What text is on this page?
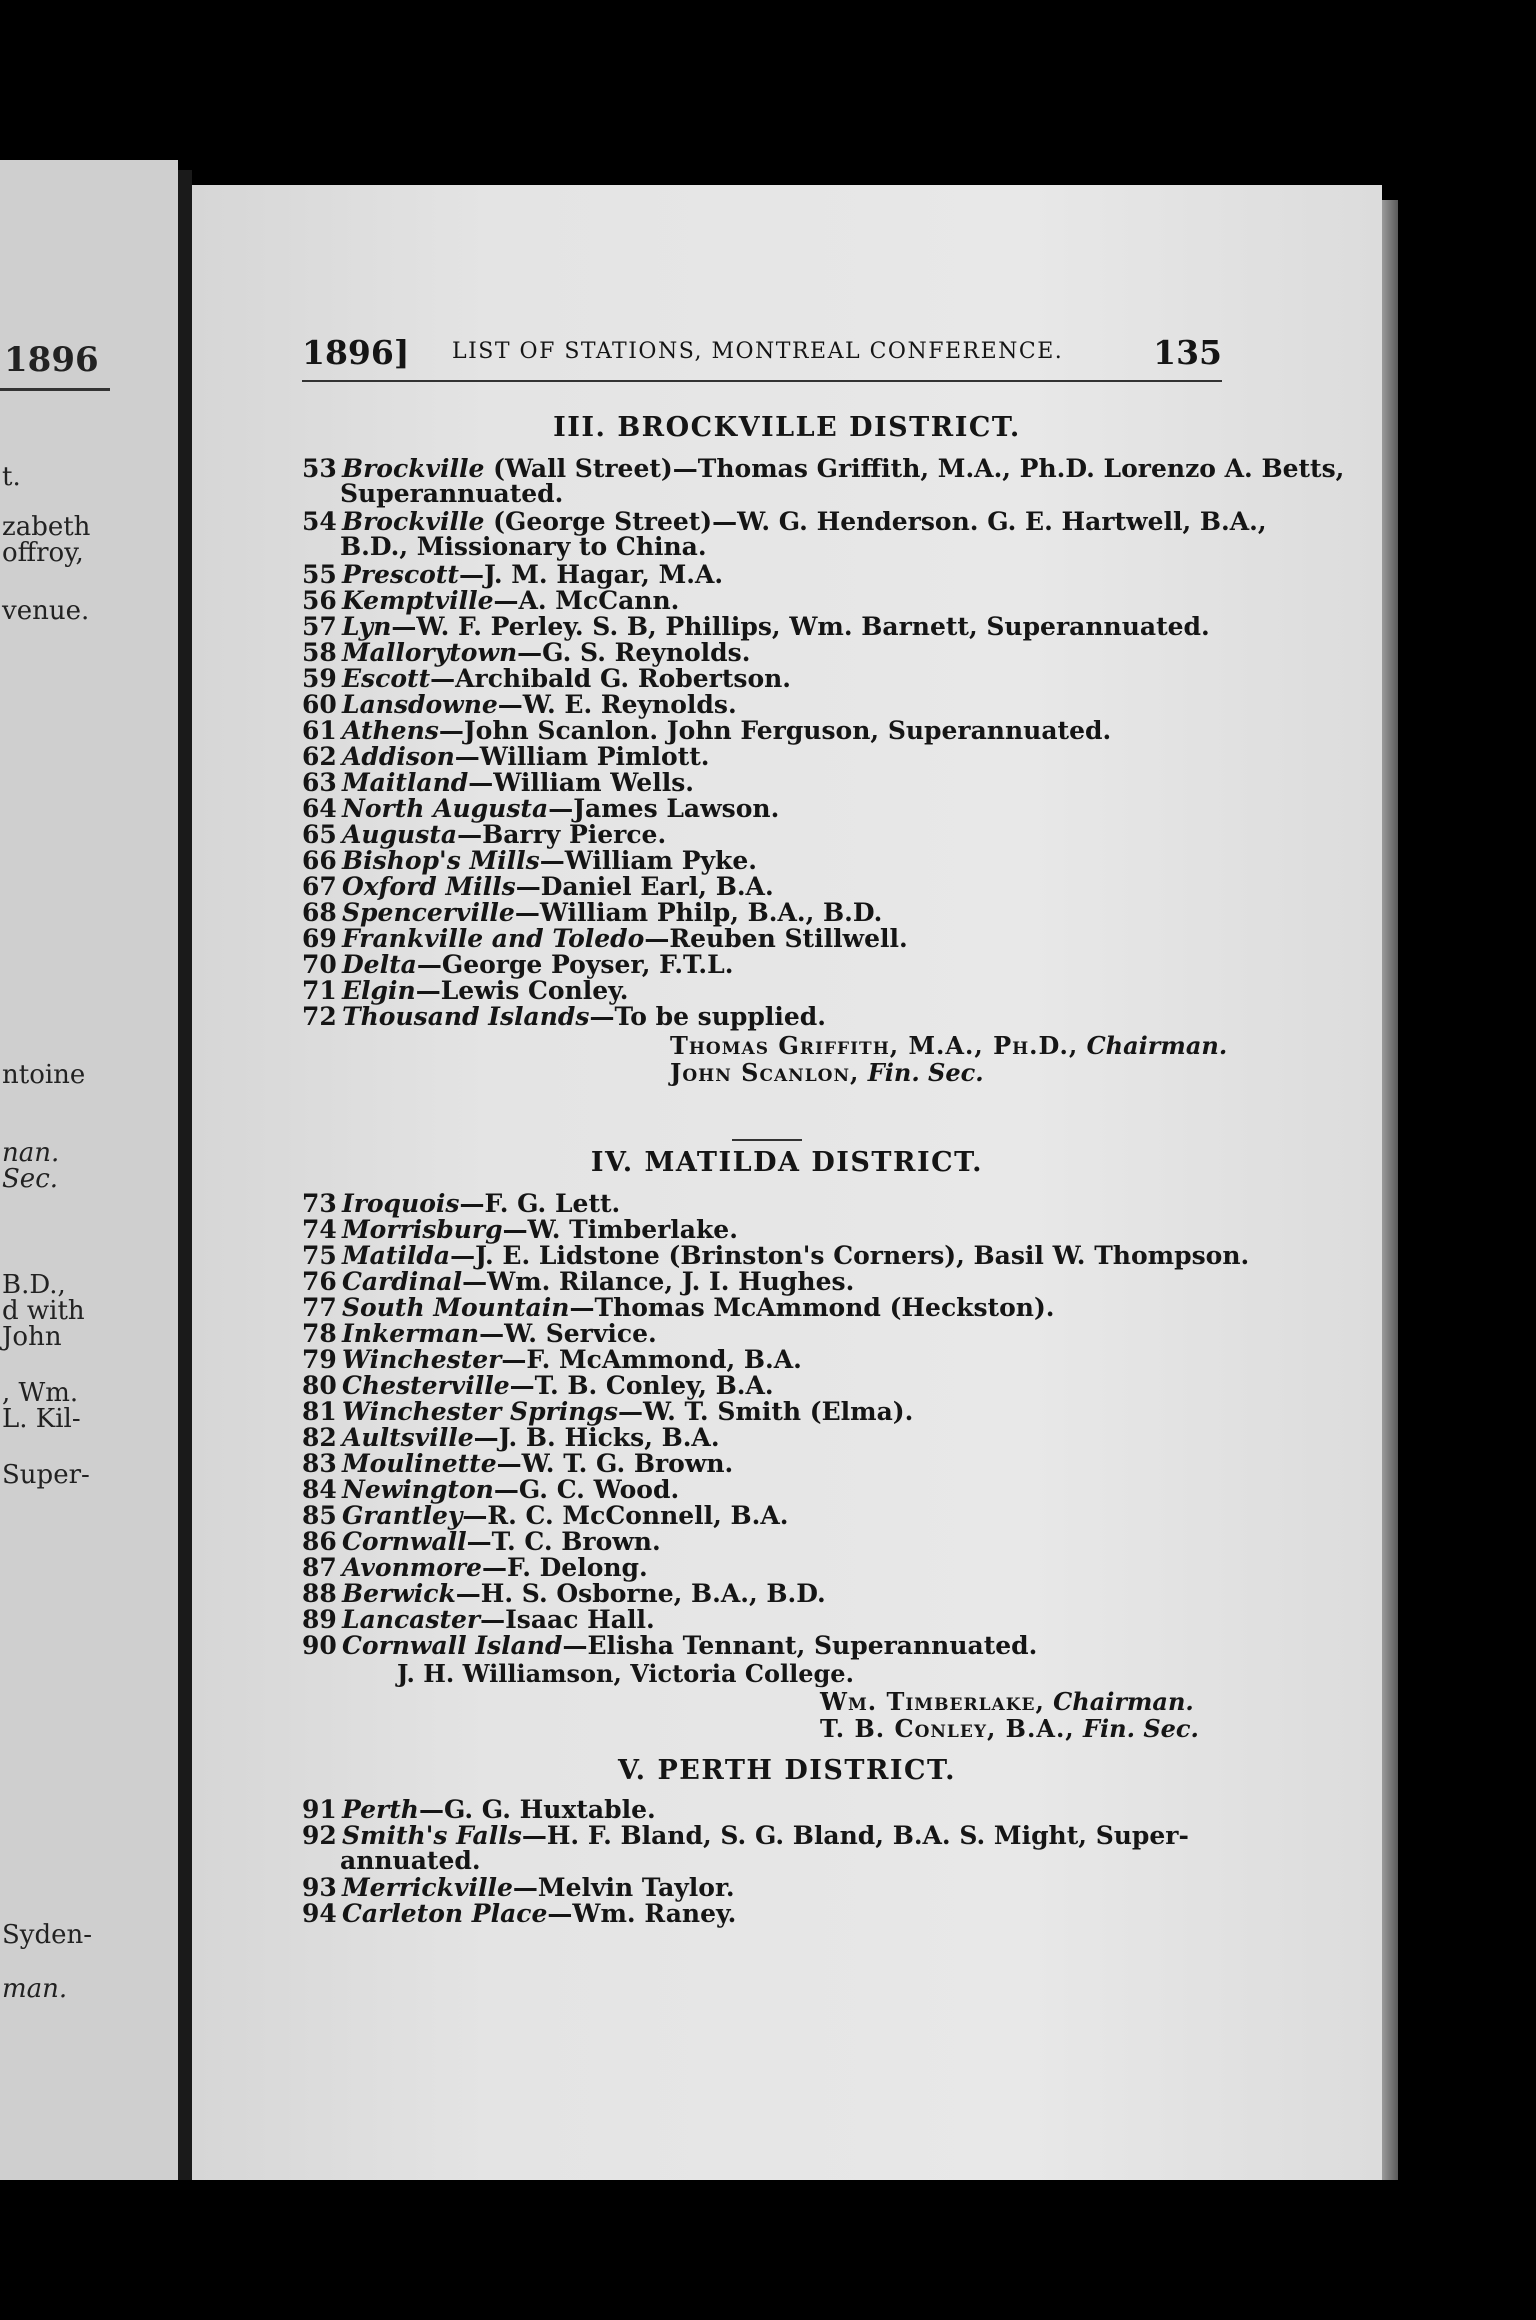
1896
t.
zabeth
offroy,
venue.
ntoine
nan.
Sec.
B.D.,
d with
John
, Wm.
L. Kil-
Super-
Syden-
man.
1896] LIST OF STATIONS, MONTREAL CONFERENCE.	135
III. BROCKVILLE DISTRICT.
53 Brockville (Wall Street)—Thomas Griffith, M.A., Ph.D. Lorenzo A. Betts,
Superannuated.
54 Brockville (George Street)—W. G. Henderson. G. E. Hartwell, B.A.,
B.D., Missionary to China.
55 Prescott—J. M. Hagar, M.A.
56 Kemptville—A. McCann.
57 Lyn—W. F. Perley. S. B, Phillips, Wm. Barnett, Superannuated.
58 Mallorytown—G. S. Reynolds.
59 Escott—Archibald G. Robertson.
60 Lansdowne—W. E. Reynolds.
61 Athens—John Scanlon. John Ferguson, Superannuated.
62 Addison—William Pimlott.
63 Maitland—William Wells.
64 North Augusta—James Lawson.
65 Augusta—Barry Pierce.
66 Bishop's Mills—William Pyke.
67 Oxford Mills—Daniel Earl, B.A.
68 Spencerville—William Philp, B.A., B.D.
69 Frankville and Toledo—Reuben Stillwell.
70 Delta—George Poyser, F.T.L.
71 Elgin—Lewis Conley.
72 Thousand Islands—To be supplied.
Thomas Griffith, M.A., Ph.D., Chairman.
John Scanlon, Fin. Sec.
IV. MATILDA DISTRICT.
73 Iroquois—F. G. Lett.
74 Morrisburg—W. Timberlake.
75 Matilda—J. E. Lidstone (Brinston's Corners), Basil W. Thompson.
76 Cardinal—Wm. Rilance, J. I. Hughes.
77 South Mountain—Thomas McAmmond (Heckston).
78 Inkerman—W. Service.
79 Winchester—F. McAmmond, B.A.
80 Chesterville—T. B. Conley, B.A.
81 Winchester Springs—W. T. Smith (Elma).
82 Aultsville—J. B. Hicks, B.A.
83 Moulinette—W. T. G. Brown.
84 Newington—G. C. Wood.
85 Grantley—R. C. McConnell, B.A.
86 Cornwall—T. C. Brown.
87 Avonmore—F. Delong.
88 Berwick—H. S. Osborne, B.A., B.D.
89 Lancaster—Isaac Hall.
90 Cornwall Island—Elisha Tennant, Superannuated.
J. H. Williamson, Victoria College.
Wm. Timberlake, Chairman.
T. B. Conley, B.A., Fin. Sec.
V. PERTH DISTRICT.
91 Perth—G. G. Huxtable.
92 Smith's Falls—H. F. Bland, S. G. Bland, B.A. S. Might, Super-
annuated.
93 Merrickville—Melvin Taylor.
94 Carleton Place—Wm. Raney.
